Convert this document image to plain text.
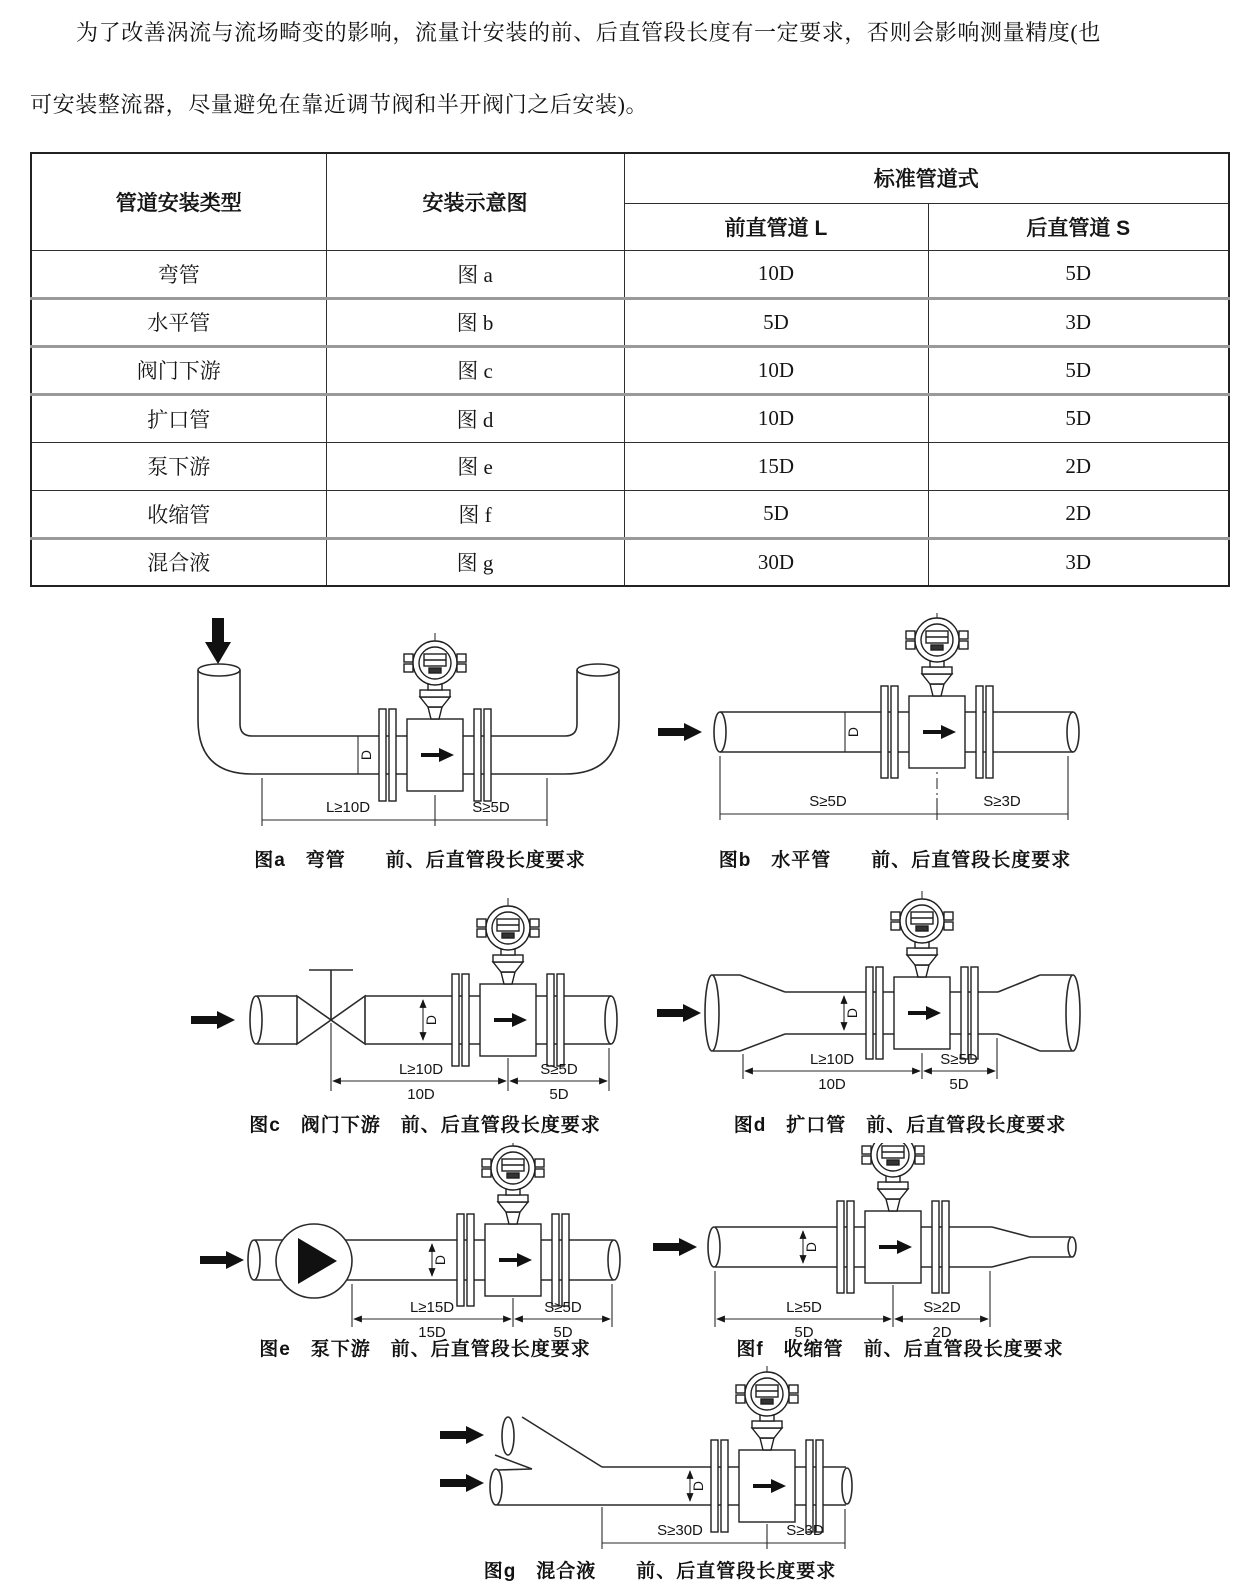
为了改善涡流与流场畸变的影响，流量计安装的前、后直管段长度有一定要求，否则会影响测量精度(也
可安装整流器，尽量避免在靠近调节阀和半开阀门之后安装)。
管道安装类型	安装示意图	标准管道式	
		前直管道 L	后直管道 S
弯管	图 a	10D	5D
水平管	图 b	5D	3D
阀门下游	图 c	10D	5D
扩口管	图 d	10D	5D
泵下游	图 e	15D	2D
收缩管	图 f	5D	2D
混合液	图 g	30D	3D
D
L≥10D	S≥5D
图a　弯管　　前、后直管段长度要求
D
S≥5D	S≥3D
图b　水平管　　前、后直管段长度要求
D
L≥10D
10D
S≥5D
5D
图c　阀门下游　前、后直管段长度要求
D
L≥10D
10D
S≥5D
5D
图d　扩口管　前、后直管段长度要求
D
L≥15D
15D
S≥5D
5D
图e　泵下游　前、后直管段长度要求
D
L≥5D
5D
S≥2D
2D
图f　收缩管　前、后直管段长度要求
D
S≥30D	S≥3D
图g　混合液　　前、后直管段长度要求
